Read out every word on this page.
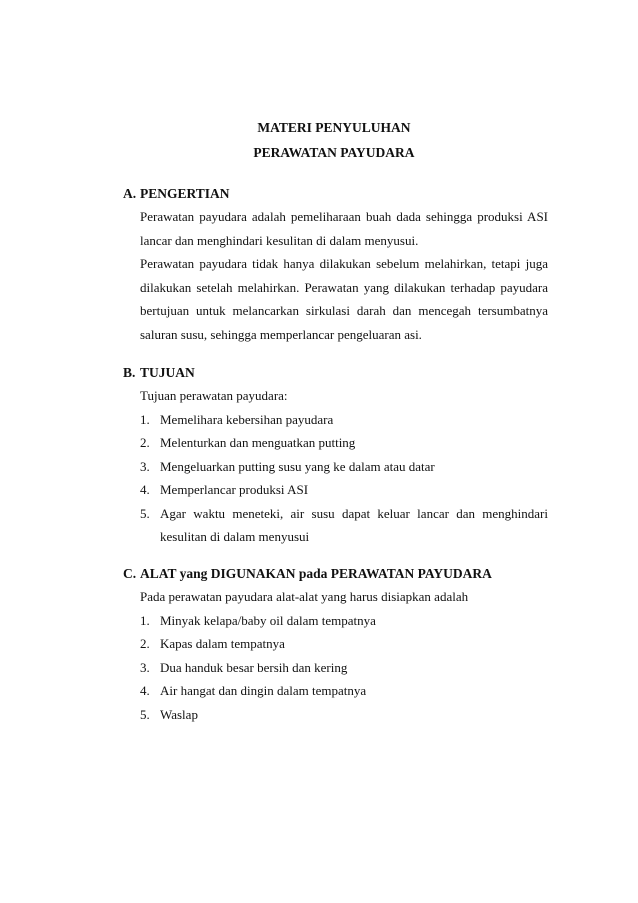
MATERI PENYULUHAN

PERAWATAN PAYUDARA

A. PENGERTIAN

Perawatan payudara adalah pemeliharaan buah dada sehingga produksi ASI lancar dan menghindari kesulitan di dalam menyusui.

Perawatan payudara tidak hanya dilakukan sebelum melahirkan, tetapi juga dilakukan setelah melahirkan. Perawatan yang dilakukan terhadap payudara bertujuan untuk melancarkan sirkulasi darah dan mencegah tersumbatnya saluran susu, sehingga memperlancar pengeluaran asi.

B. TUJUAN

Tujuan perawatan payudara:

1. Memelihara kebersihan payudara
2. Melenturkan dan menguatkan putting
3. Mengeluarkan putting susu yang ke dalam atau datar
4. Memperlancar produksi ASI
5. Agar waktu meneteki, air susu dapat keluar lancar dan menghindari kesulitan di dalam menyusui

C. ALAT yang DIGUNAKAN pada PERAWATAN PAYUDARA

Pada perawatan payudara alat-alat yang harus disiapkan adalah

1. Minyak kelapa/baby oil dalam tempatnya
2. Kapas dalam tempatnya
3. Dua handuk besar bersih dan kering
4. Air hangat dan dingin dalam tempatnya
5. Waslap
